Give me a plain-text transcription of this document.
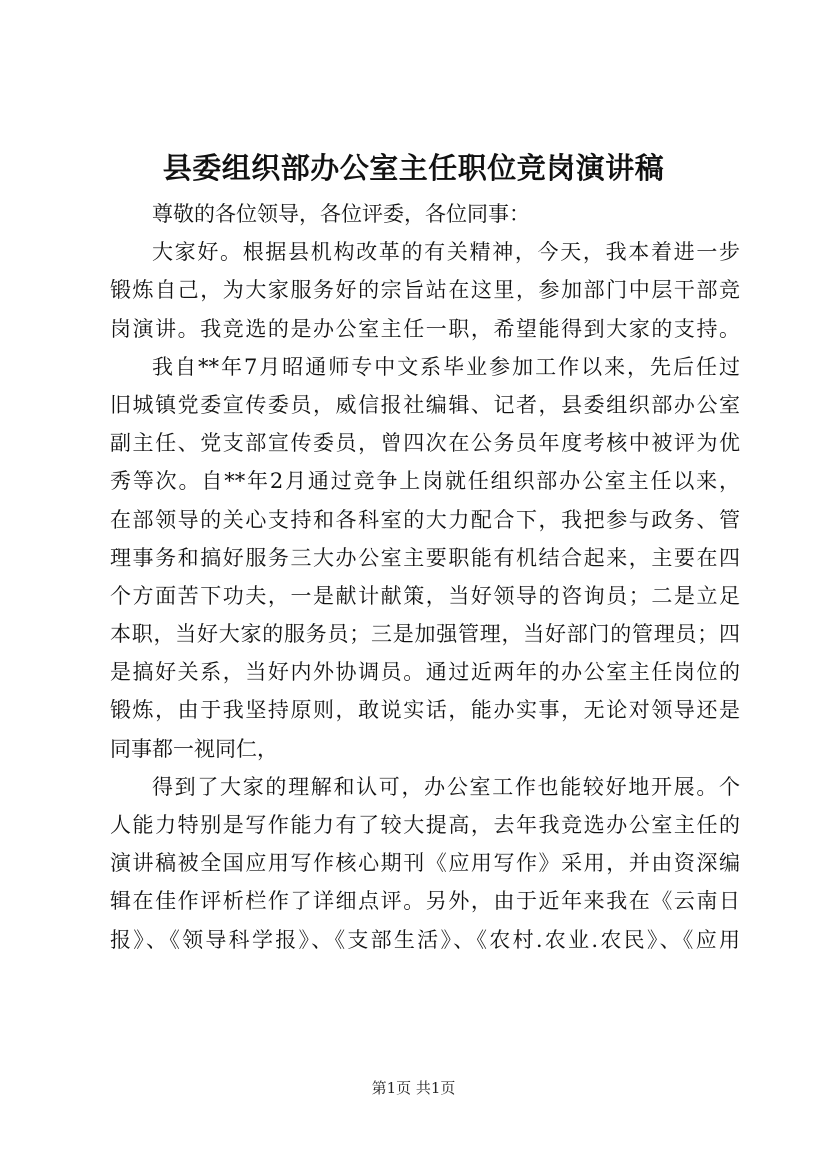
县委组织部办公室主任职位竞岗演讲稿
尊敬的各位领导，各位评委，各位同事：
大家好。根据县机构改革的有关精神，今天，我本着进一步
锻炼自己，为大家服务好的宗旨站在这里，参加部门中层干部竞
岗演讲。我竞选的是办公室主任一职，希望能得到大家的支持。
我自**年7月昭通师专中文系毕业参加工作以来，先后任过
旧城镇党委宣传委员，威信报社编辑、记者，县委组织部办公室
副主任、党支部宣传委员，曾四次在公务员年度考核中被评为优
秀等次。自**年2月通过竞争上岗就任组织部办公室主任以来，
在部领导的关心支持和各科室的大力配合下，我把参与政务、管
理事务和搞好服务三大办公室主要职能有机结合起来，主要在四
个方面苦下功夫，一是献计献策，当好领导的咨询员；二是立足
本职，当好大家的服务员；三是加强管理，当好部门的管理员；四
是搞好关系，当好内外协调员。通过近两年的办公室主任岗位的
锻炼，由于我坚持原则，敢说实话，能办实事，无论对领导还是
同事都一视同仁，
得到了大家的理解和认可，办公室工作也能较好地开展。个
人能力特别是写作能力有了较大提高，去年我竞选办公室主任的
演讲稿被全国应用写作核心期刊《应用写作》采用，并由资深编
辑在佳作评析栏作了详细点评。另外，由于近年来我在《云南日
报》、《领导科学报》、《支部生活》、《农村.农业.农民》、《应用
第1页 共1页
